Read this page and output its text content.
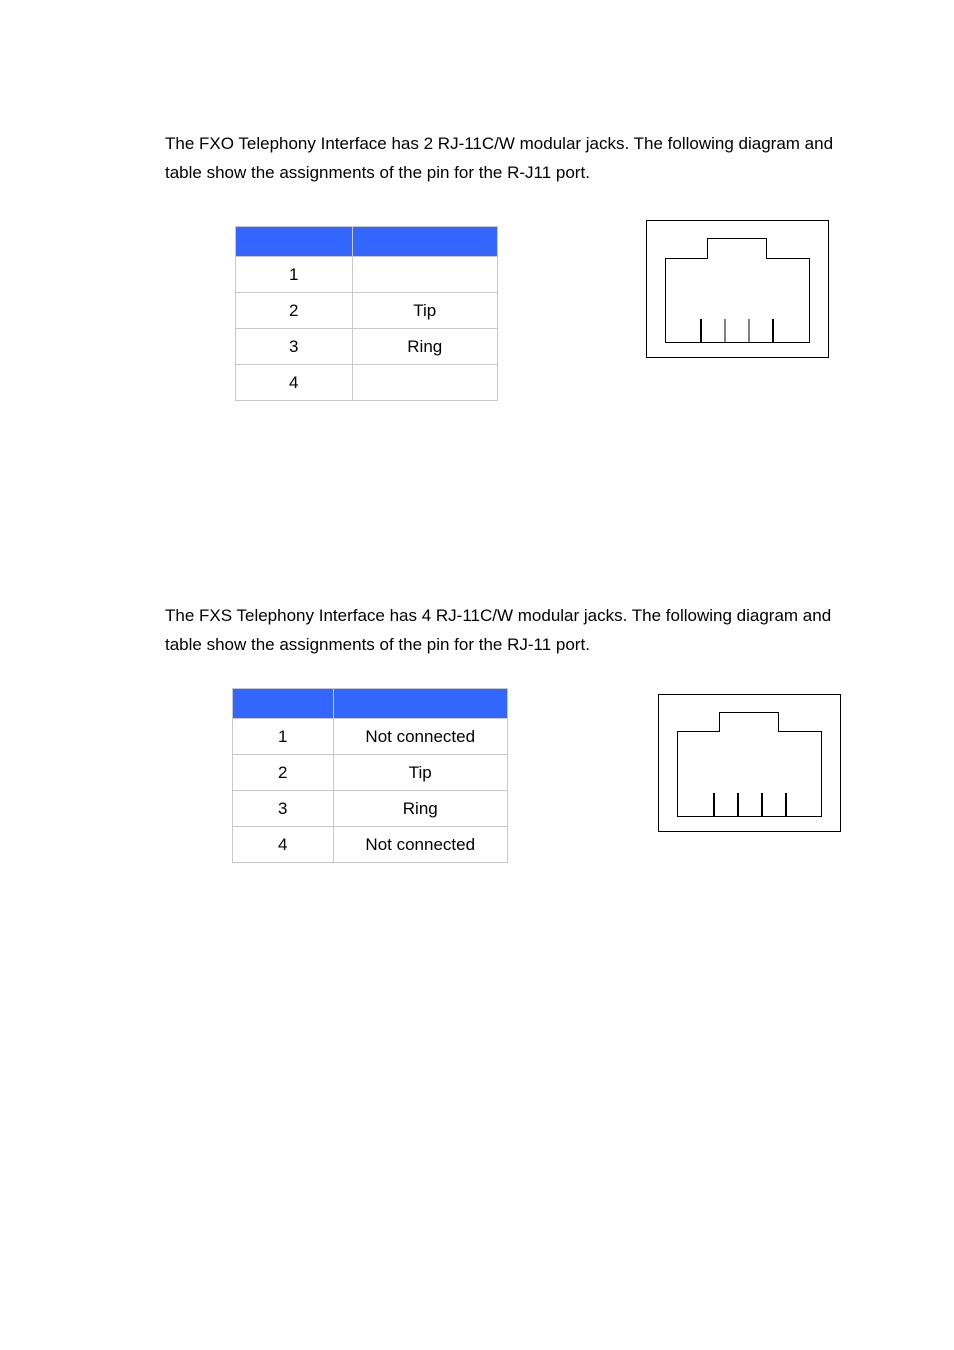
The FXO Telephony Interface has 2 RJ-11C/W modular jacks. The following diagram and
table show the assignments of the pin for the R-J11 port.

1	
2	Tip
3	Ring
4	

The FXS Telephony Interface has 4 RJ-11C/W modular jacks. The following diagram and
table show the assignments of the pin for the RJ-11 port.

1	Not connected
2	Tip
3	Ring
4	Not connected
